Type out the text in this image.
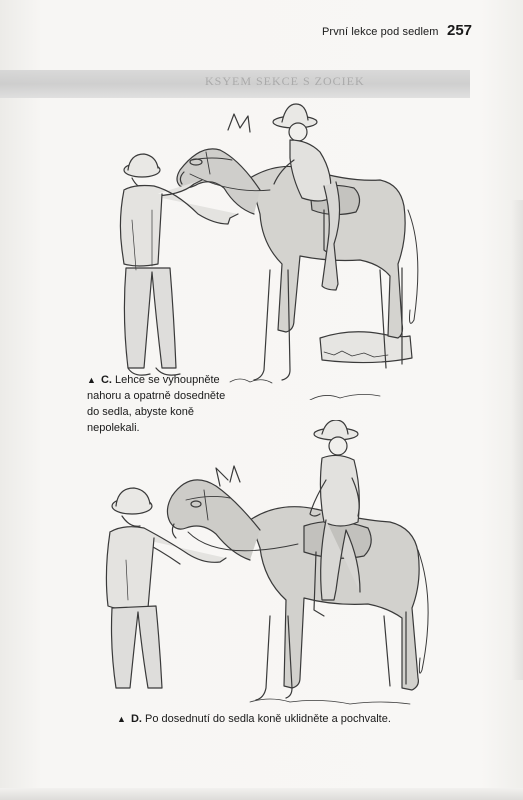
První lekce pod sedlem 257
KSYEM SEKCE S ZOCIEK
▲ C. Lehce se vyhoupněte
nahoru a opatrně dosedněte
do sedla, abyste koně
nepolekali.
▲ D. Po dosednutí do sedla koně uklidněte a pochvalte.
